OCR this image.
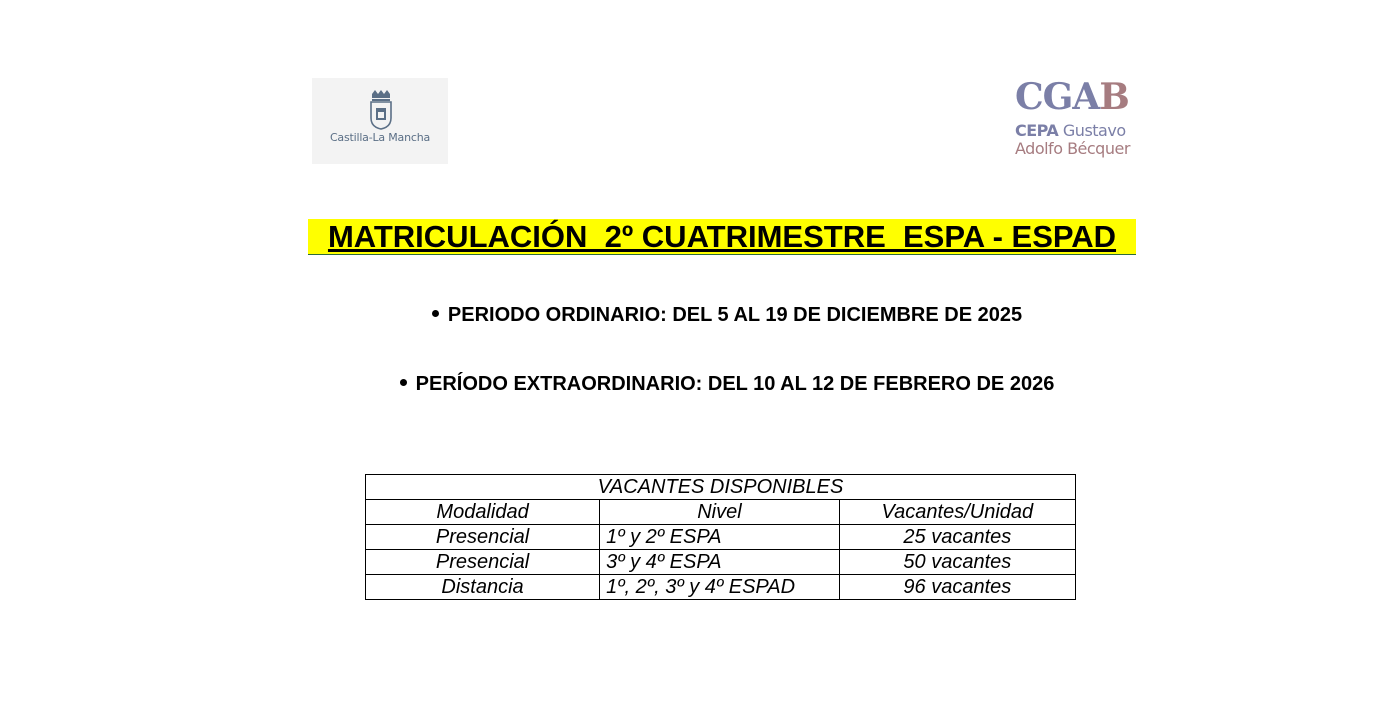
Castilla-La Mancha
CGAB
CEPA Gustavo
Adolfo Bécquer
MATRICULACIÓN  2º CUATRIMESTRE  ESPA - ESPAD
PERIODO ORDINARIO: DEL 5 AL 19 DE DICIEMBRE DE 2025
PERÍODO EXTRAORDINARIO: DEL 10 AL 12 DE FEBRERO DE 2026
VACANTES DISPONIBLES		
Modalidad	Nivel	Vacantes/Unidad
Presencial	1º y 2º ESPA	25 vacantes
Presencial	3º y 4º ESPA	50 vacantes
Distancia	1º, 2º, 3º y 4º ESPAD	96 vacantes
